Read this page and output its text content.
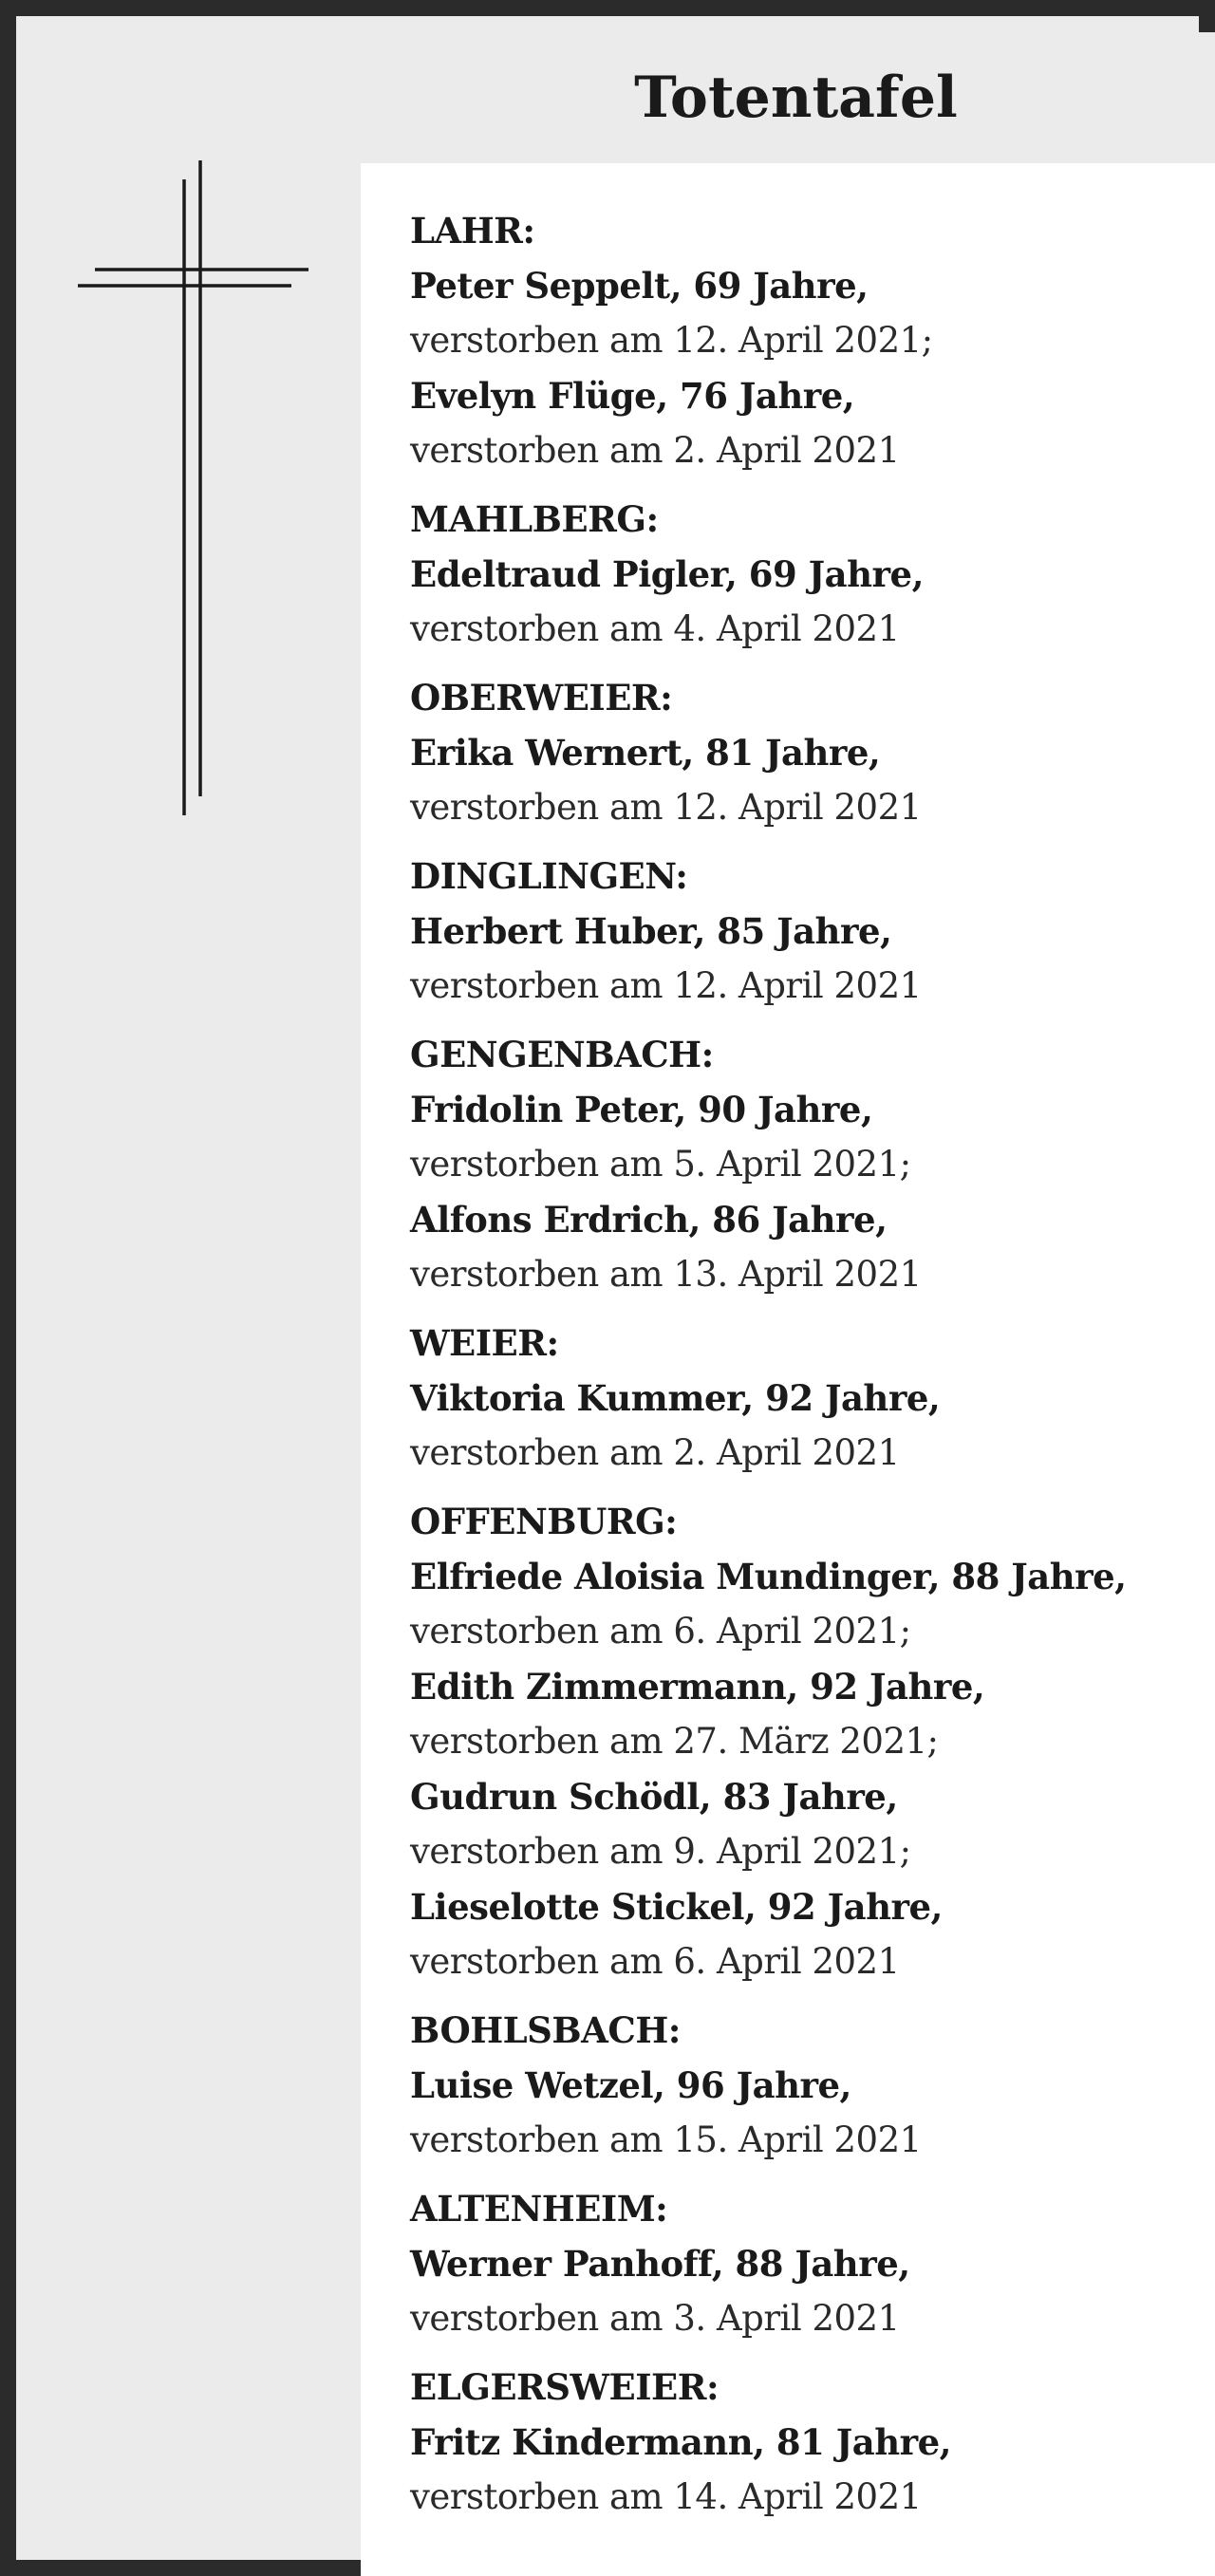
Totentafel
LAHR:
Peter Seppelt, 69 Jahre,
verstorben am 12. April 2021;
Evelyn Flüge, 76 Jahre,
verstorben am 2. April 2021
MAHLBERG:
Edeltraud Pigler, 69 Jahre,
verstorben am 4. April 2021
OBERWEIER:
Erika Wernert, 81 Jahre,
verstorben am 12. April 2021
DINGLINGEN:
Herbert Huber, 85 Jahre,
verstorben am 12. April 2021
GENGENBACH:
Fridolin Peter, 90 Jahre,
verstorben am 5. April 2021;
Alfons Erdrich, 86 Jahre,
verstorben am 13. April 2021
WEIER:
Viktoria Kummer, 92 Jahre,
verstorben am 2. April 2021
OFFENBURG:
Elfriede Aloisia Mundinger, 88 Jahre,
verstorben am 6. April 2021;
Edith Zimmermann, 92 Jahre,
verstorben am 27. März 2021;
Gudrun Schödl, 83 Jahre,
verstorben am 9. April 2021;
Lieselotte Stickel, 92 Jahre,
verstorben am 6. April 2021
BOHLSBACH:
Luise Wetzel, 96 Jahre,
verstorben am 15. April 2021
ALTENHEIM:
Werner Panhoff, 88 Jahre,
verstorben am 3. April 2021
ELGERSWEIER:
Fritz Kindermann, 81 Jahre,
verstorben am 14. April 2021
